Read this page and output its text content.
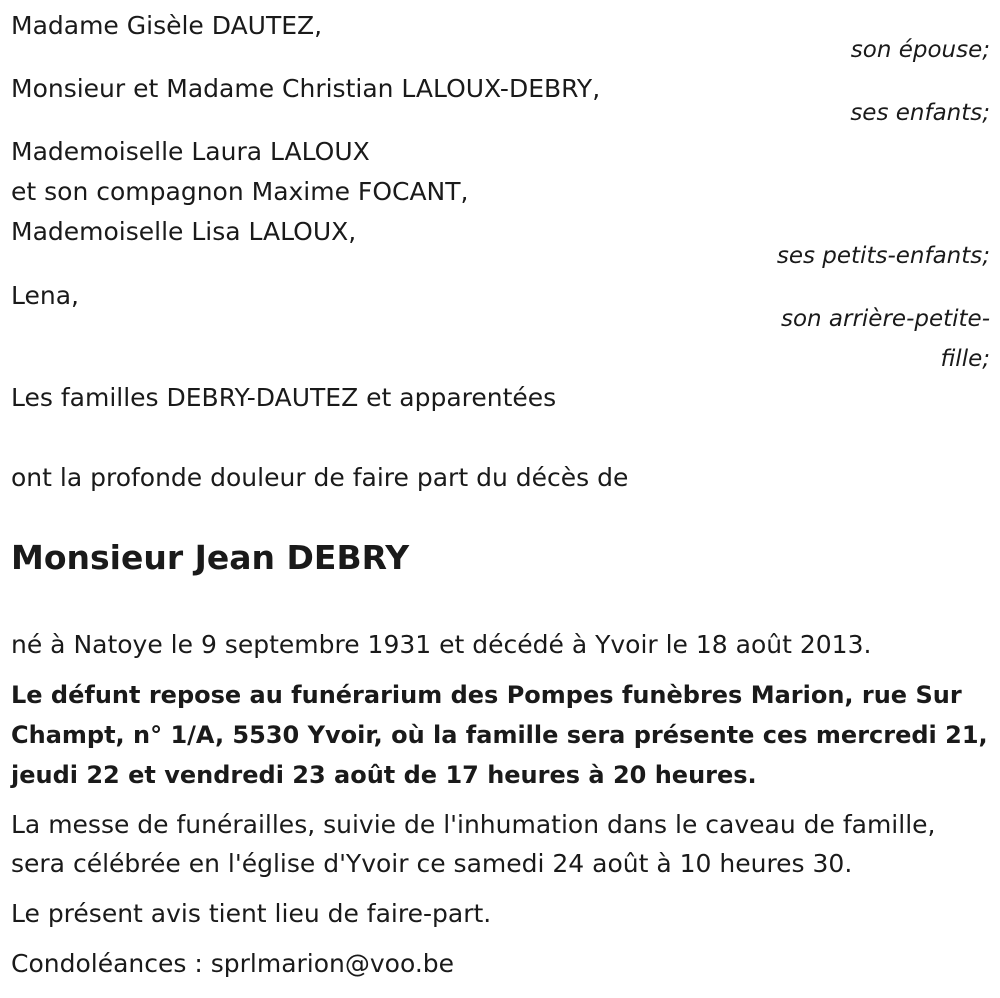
Madame Gisèle DAUTEZ,
son épouse;
Monsieur et Madame Christian LALOUX-DEBRY,
ses enfants;
Mademoiselle Laura LALOUX
et son compagnon Maxime FOCANT,
Mademoiselle Lisa LALOUX,
ses petits-enfants;
Lena,
son arrière-petite-
fille;
Les familles DEBRY-DAUTEZ et apparentées
ont la profonde douleur de faire part du décès de
Monsieur Jean DEBRY
né à Natoye le 9 septembre 1931 et décédé à Yvoir le 18 août 2013.
Le défunt repose au funérarium des Pompes funèbres Marion, rue Sur
Champt, n° 1/A, 5530 Yvoir, où la famille sera présente ces mercredi 21,
jeudi 22 et vendredi 23 août de 17 heures à 20 heures.
La messe de funérailles, suivie de l'inhumation dans le caveau de famille,
sera célébrée en l'église d'Yvoir ce samedi 24 août à 10 heures 30.
Le présent avis tient lieu de faire-part.
Condoléances : sprlmarion@voo.be
